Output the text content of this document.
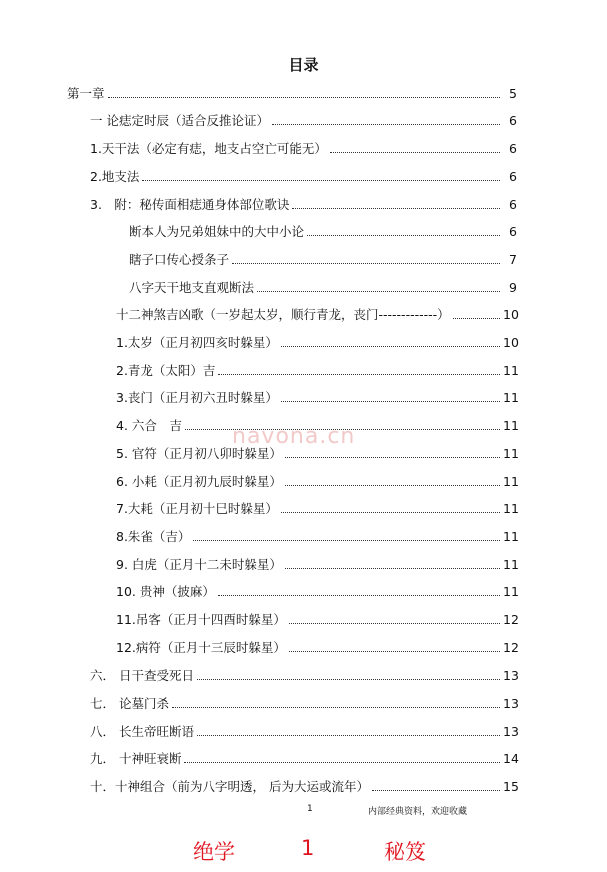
目录
第一章	5
一 论痣定时辰（适合反推论证）	6
1.天干法（必定有痣，地支占空亡可能无）	6
2.地支法	6
3.　附：秘传面相痣通身体部位歌诀	6
断本人为兄弟姐妹中的大中小论	6
瞎子口传心授条子	7
八字天干地支直观断法	9
十二神煞吉凶歌（一岁起太岁，顺行青龙，丧门-------------）	10
1.太岁（正月初四亥时躲星）	10
2.青龙（太阳）吉	11
3.丧门（正月初六丑时躲星）	11
4. 六合　吉	11
5. 官符（正月初八卯时躲星）	11
6. 小耗（正月初九辰时躲星）	11
7.大耗（正月初十巳时躲星）	11
8.朱雀（吉）	11
9. 白虎（正月十二未时躲星）	11
10. 贵神（披麻）	11
11.吊客（正月十四酉时躲星）	12
12.病符（正月十三辰时躲星）	12
六． 日干查受死日	13
七． 论墓门杀	13
八． 长生帝旺断语	13
九． 十神旺衰断	14
十．十神组合（前为八字明透， 后为大运或流年）	15
navona.cn
1	内部经典资料，欢迎收藏
绝学	1	秘笈
